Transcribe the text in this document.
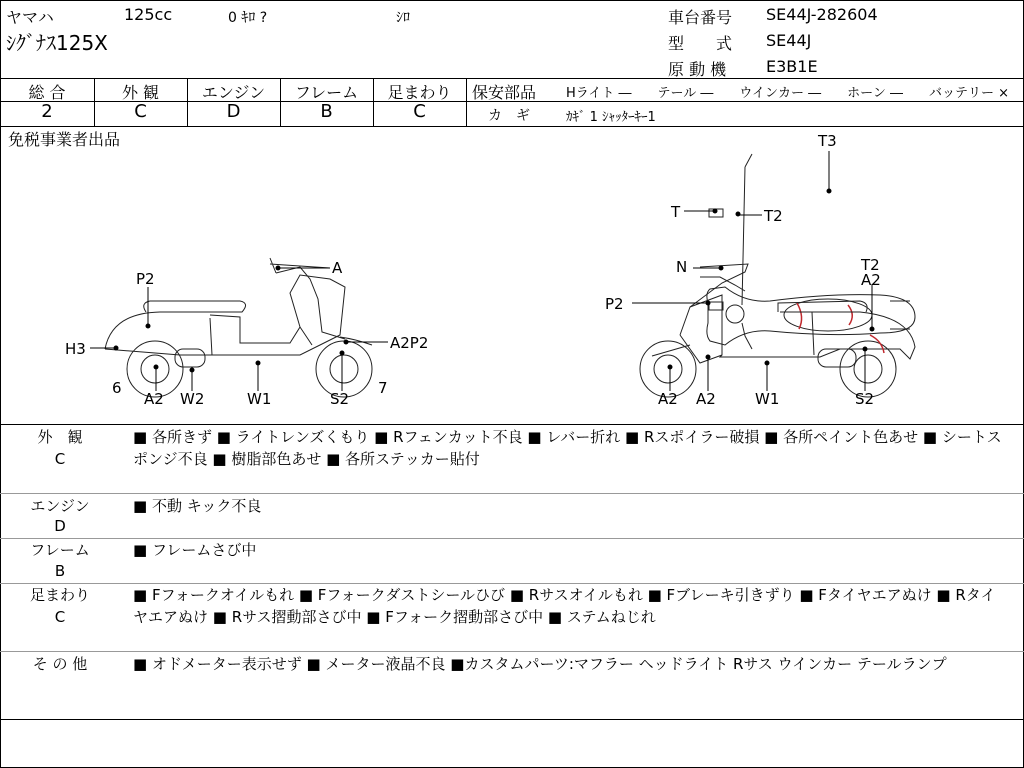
ヤマハ	125cc	0 ｷﾛ ?	ｼﾛ
ｼｸﾞﾅｽ125X
車台番号 SE44J-282604
型　　式 SE44J
原 動 機 E3B1E
総 合	外 観	エンジン	フレーム	足まわり
2	C	D	B	C
保安部品 Hライト ―　　テール ―　　ウインカー ―　　ホーン ―　　バッテリー ×
カ　ギ	ｶｷﾞ 1 ｼｬｯﾀｰｷｰ1
免税事業者出品	T3
T	T2
A
P2
H3	A2P2
6	7
A2 W2	W1	S2
N
P2
T2
A2
A2 A2	W1	S2
外　観
C
■ 各所きず ■ ライトレンズくもり ■ Rフェンカット不良 ■ レバー折れ ■ Rスポイラー破損 ■ 各所ペイント色あせ ■ シートスポンジ不良 ■ 樹脂部色あせ ■ 各所ステッカー貼付
エンジン
D
■ 不動 キック不良
フレーム
B
■ フレームさび中
足まわり
C
■ Fフォークオイルもれ ■ Fフォークダストシールひび ■ Rサスオイルもれ ■ Fブレーキ引きずり ■ Fタイヤエアぬけ ■ Rタイヤエアぬけ ■ Rサス摺動部さび中 ■ Fフォーク摺動部さび中 ■ ステムねじれ
そ の 他	■ オドメーター表示せず ■ メーター液晶不良 ■カスタムパーツ:マフラー ヘッドライト Rサス ウインカー テールランプ
